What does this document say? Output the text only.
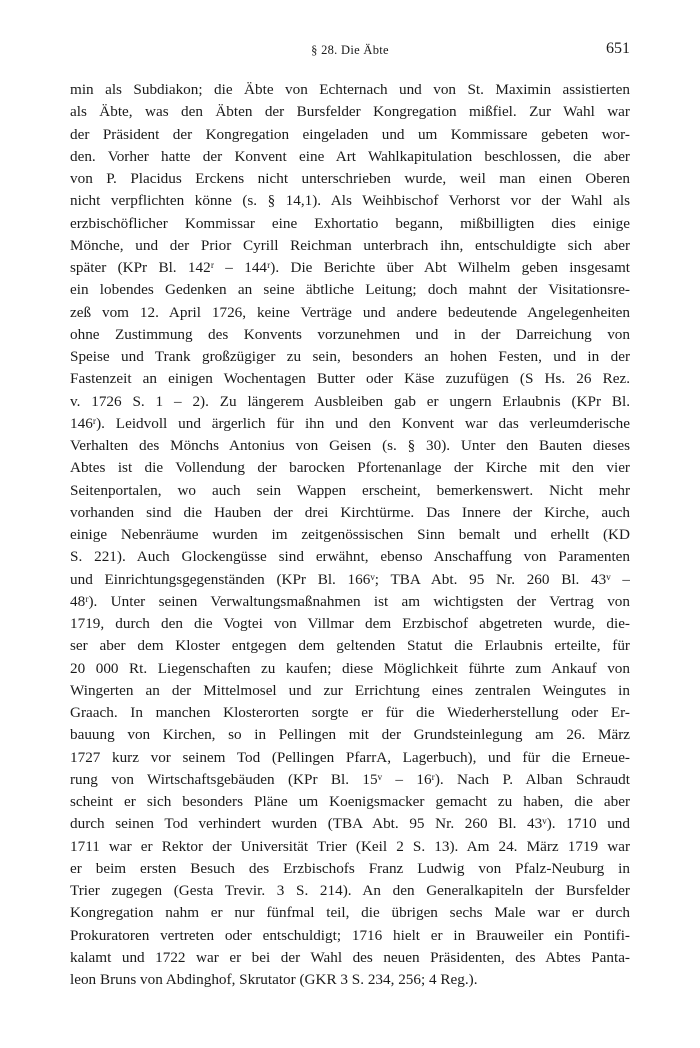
§ 28. Die Äbte	651
min als Subdiakon; die Äbte von Echternach und von St. Maximin assistierten
als Äbte, was den Äbten der Bursfelder Kongregation mißfiel. Zur Wahl war
der Präsident der Kongregation eingeladen und um Kommissare gebeten wor-
den. Vorher hatte der Konvent eine Art Wahlkapitulation beschlossen, die aber
von P. Placidus Erckens nicht unterschrieben wurde, weil man einen Oberen
nicht verpflichten könne (s. § 14,1). Als Weihbischof Verhorst vor der Wahl als
erzbischöflicher Kommissar eine Exhortatio begann, mißbilligten dies einige
Mönche, und der Prior Cyrill Reichman unterbrach ihn, entschuldigte sich aber
später (KPr Bl. 142ʳ – 144ʳ). Die Berichte über Abt Wilhelm geben insgesamt
ein lobendes Gedenken an seine äbtliche Leitung; doch mahnt der Visitationsre-
zeß vom 12. April 1726, keine Verträge und andere bedeutende Angelegenheiten
ohne Zustimmung des Konvents vorzunehmen und in der Darreichung von
Speise und Trank großzügiger zu sein, besonders an hohen Festen, und in der
Fastenzeit an einigen Wochentagen Butter oder Käse zuzufügen (S Hs. 26 Rez.
v. 1726 S. 1 – 2). Zu längerem Ausbleiben gab er ungern Erlaubnis (KPr Bl.
146ʳ). Leidvoll und ärgerlich für ihn und den Konvent war das verleumderische
Verhalten des Mönchs Antonius von Geisen (s. § 30). Unter den Bauten dieses
Abtes ist die Vollendung der barocken Pfortenanlage der Kirche mit den vier
Seitenportalen, wo auch sein Wappen erscheint, bemerkenswert. Nicht mehr
vorhanden sind die Hauben der drei Kirchtürme. Das Innere der Kirche, auch
einige Nebenräume wurden im zeitgenössischen Sinn bemalt und erhellt (KD
S. 221). Auch Glockengüsse sind erwähnt, ebenso Anschaffung von Paramenten
und Einrichtungsgegenständen (KPr Bl. 166ᵛ; TBA Abt. 95 Nr. 260 Bl. 43ᵛ –
48ʳ). Unter seinen Verwaltungsmaßnahmen ist am wichtigsten der Vertrag von
1719, durch den die Vogtei von Villmar dem Erzbischof abgetreten wurde, die-
ser aber dem Kloster entgegen dem geltenden Statut die Erlaubnis erteilte, für
20 000 Rt. Liegenschaften zu kaufen; diese Möglichkeit führte zum Ankauf von
Wingerten an der Mittelmosel und zur Errichtung eines zentralen Weingutes in
Graach. In manchen Klosterorten sorgte er für die Wiederherstellung oder Er-
bauung von Kirchen, so in Pellingen mit der Grundsteinlegung am 26. März
1727 kurz vor seinem Tod (Pellingen PfarrA, Lagerbuch), und für die Erneue-
rung von Wirtschaftsgebäuden (KPr Bl. 15ᵛ – 16ʳ). Nach P. Alban Schraudt
scheint er sich besonders Pläne um Koenigsmacker gemacht zu haben, die aber
durch seinen Tod verhindert wurden (TBA Abt. 95 Nr. 260 Bl. 43ᵛ). 1710 und
1711 war er Rektor der Universität Trier (Keil 2 S. 13). Am 24. März 1719 war
er beim ersten Besuch des Erzbischofs Franz Ludwig von Pfalz-Neuburg in
Trier zugegen (Gesta Trevir. 3 S. 214). An den Generalkapiteln der Bursfelder
Kongregation nahm er nur fünfmal teil, die übrigen sechs Male war er durch
Prokuratoren vertreten oder entschuldigt; 1716 hielt er in Brauweiler ein Pontifi-
kalamt und 1722 war er bei der Wahl des neuen Präsidenten, des Abtes Panta-
leon Bruns von Abdinghof, Skrutator (GKR 3 S. 234, 256; 4 Reg.).
